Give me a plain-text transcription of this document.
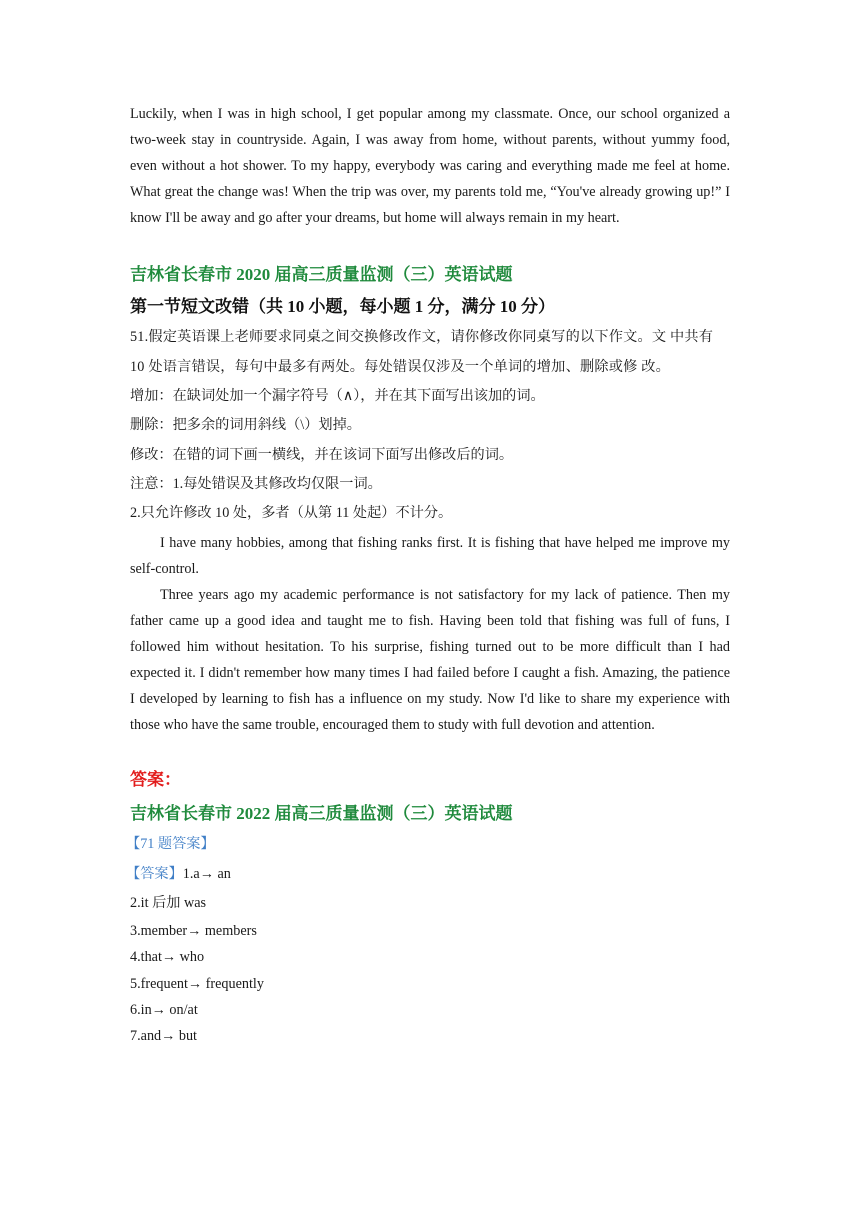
Luckily, when I was in high school, I get popular among my classmate. Once, our school organized a two-week stay in countryside. Again, I was away from home, without parents, without yummy food, even without a hot shower. To my happy, everybody was caring and everything made me feel at home. What great the change was! When the trip was over, my parents told me, “You've already growing up!” I know I'll be away and go after your dreams, but home will always remain in my heart.

吉林省长春市 2020 届高三质量监测（三）英语试题

第一节短文改错（共 10 小题，每小题 1 分，满分 10 分）

51.假定英语课上老师要求同桌之间交换修改作文，请你修改你同桌写的以下作文。文 中共有 10 处语言错误，每句中最多有两处。每处错误仅涉及一个单词的增加、删除或修 改。

增加：在缺词处加一个漏字符号（∧），并在其下面写出该加的词。

删除：把多余的词用斜线（\）划掉。

修改：在错的词下画一横线，并在该词下面写出修改后的词。

注意：1.每处错误及其修改均仅限一词。

2.只允许修改 10 处，多者（从第 11 处起）不计分。

I have many hobbies, among that fishing ranks first. It is fishing that have helped me improve my self-control.

Three years ago my academic performance is not satisfactory for my lack of patience. Then my father came up a good idea and taught me to fish. Having been told that fishing was full of funs, I followed him without hesitation. To his surprise, fishing turned out to be more difficult than I had expected it. I didn't remember how many times I had failed before I caught a fish. Amazing, the patience I developed by learning to fish has a influence on my study. Now I'd like to share my experience with those who have the same trouble, encouraged them to study with full devotion and attention.

答案：

吉林省长春市 2022 届高三质量监测（三）英语试题

【71 题答案】

【答案】1.a→ an

2.it 后加 was

3.member→ members

4.that→ who

5.frequent→ frequently

6.in→ on/at

7.and→ but
